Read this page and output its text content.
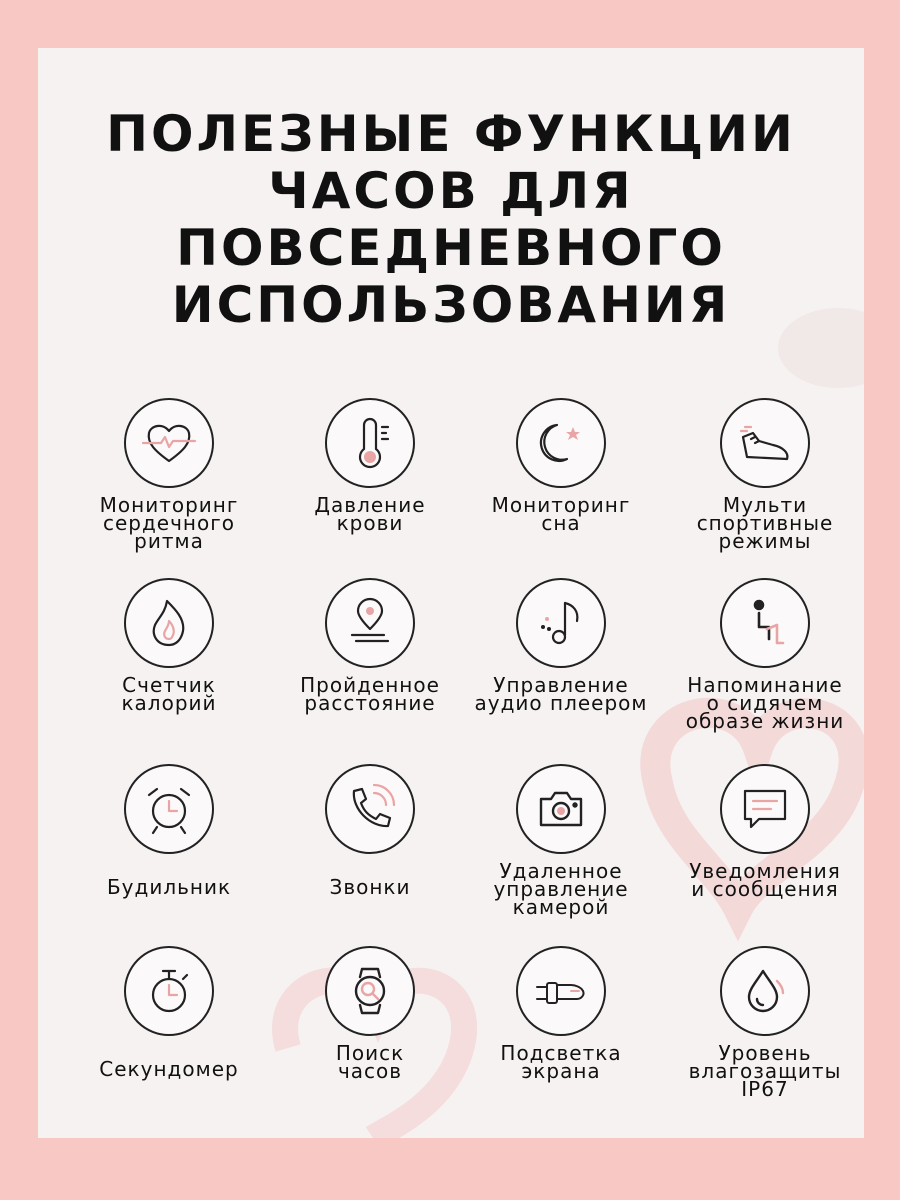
ПОЛЕЗНЫЕ ФУНКЦИИ
ЧАСОВ ДЛЯ
ПОВСЕДНЕВНОГО
ИСПОЛЬЗОВАНИЯ
Мониторинг
сердечного
ритма
Давление
крови
Мониторинг
сна
Мульти
спортивные
режимы
Счетчик
калорий
Пройденное
расстояние
Управление
аудио плеером
Напоминание
о сидячем
образе жизни
Будильник	Звонки
Удаленное
управление
камерой
Уведомления
и сообщения
Секундомер
Поиск
часов
Подсветка
экрана
Уровень
влагозащиты
IP67
